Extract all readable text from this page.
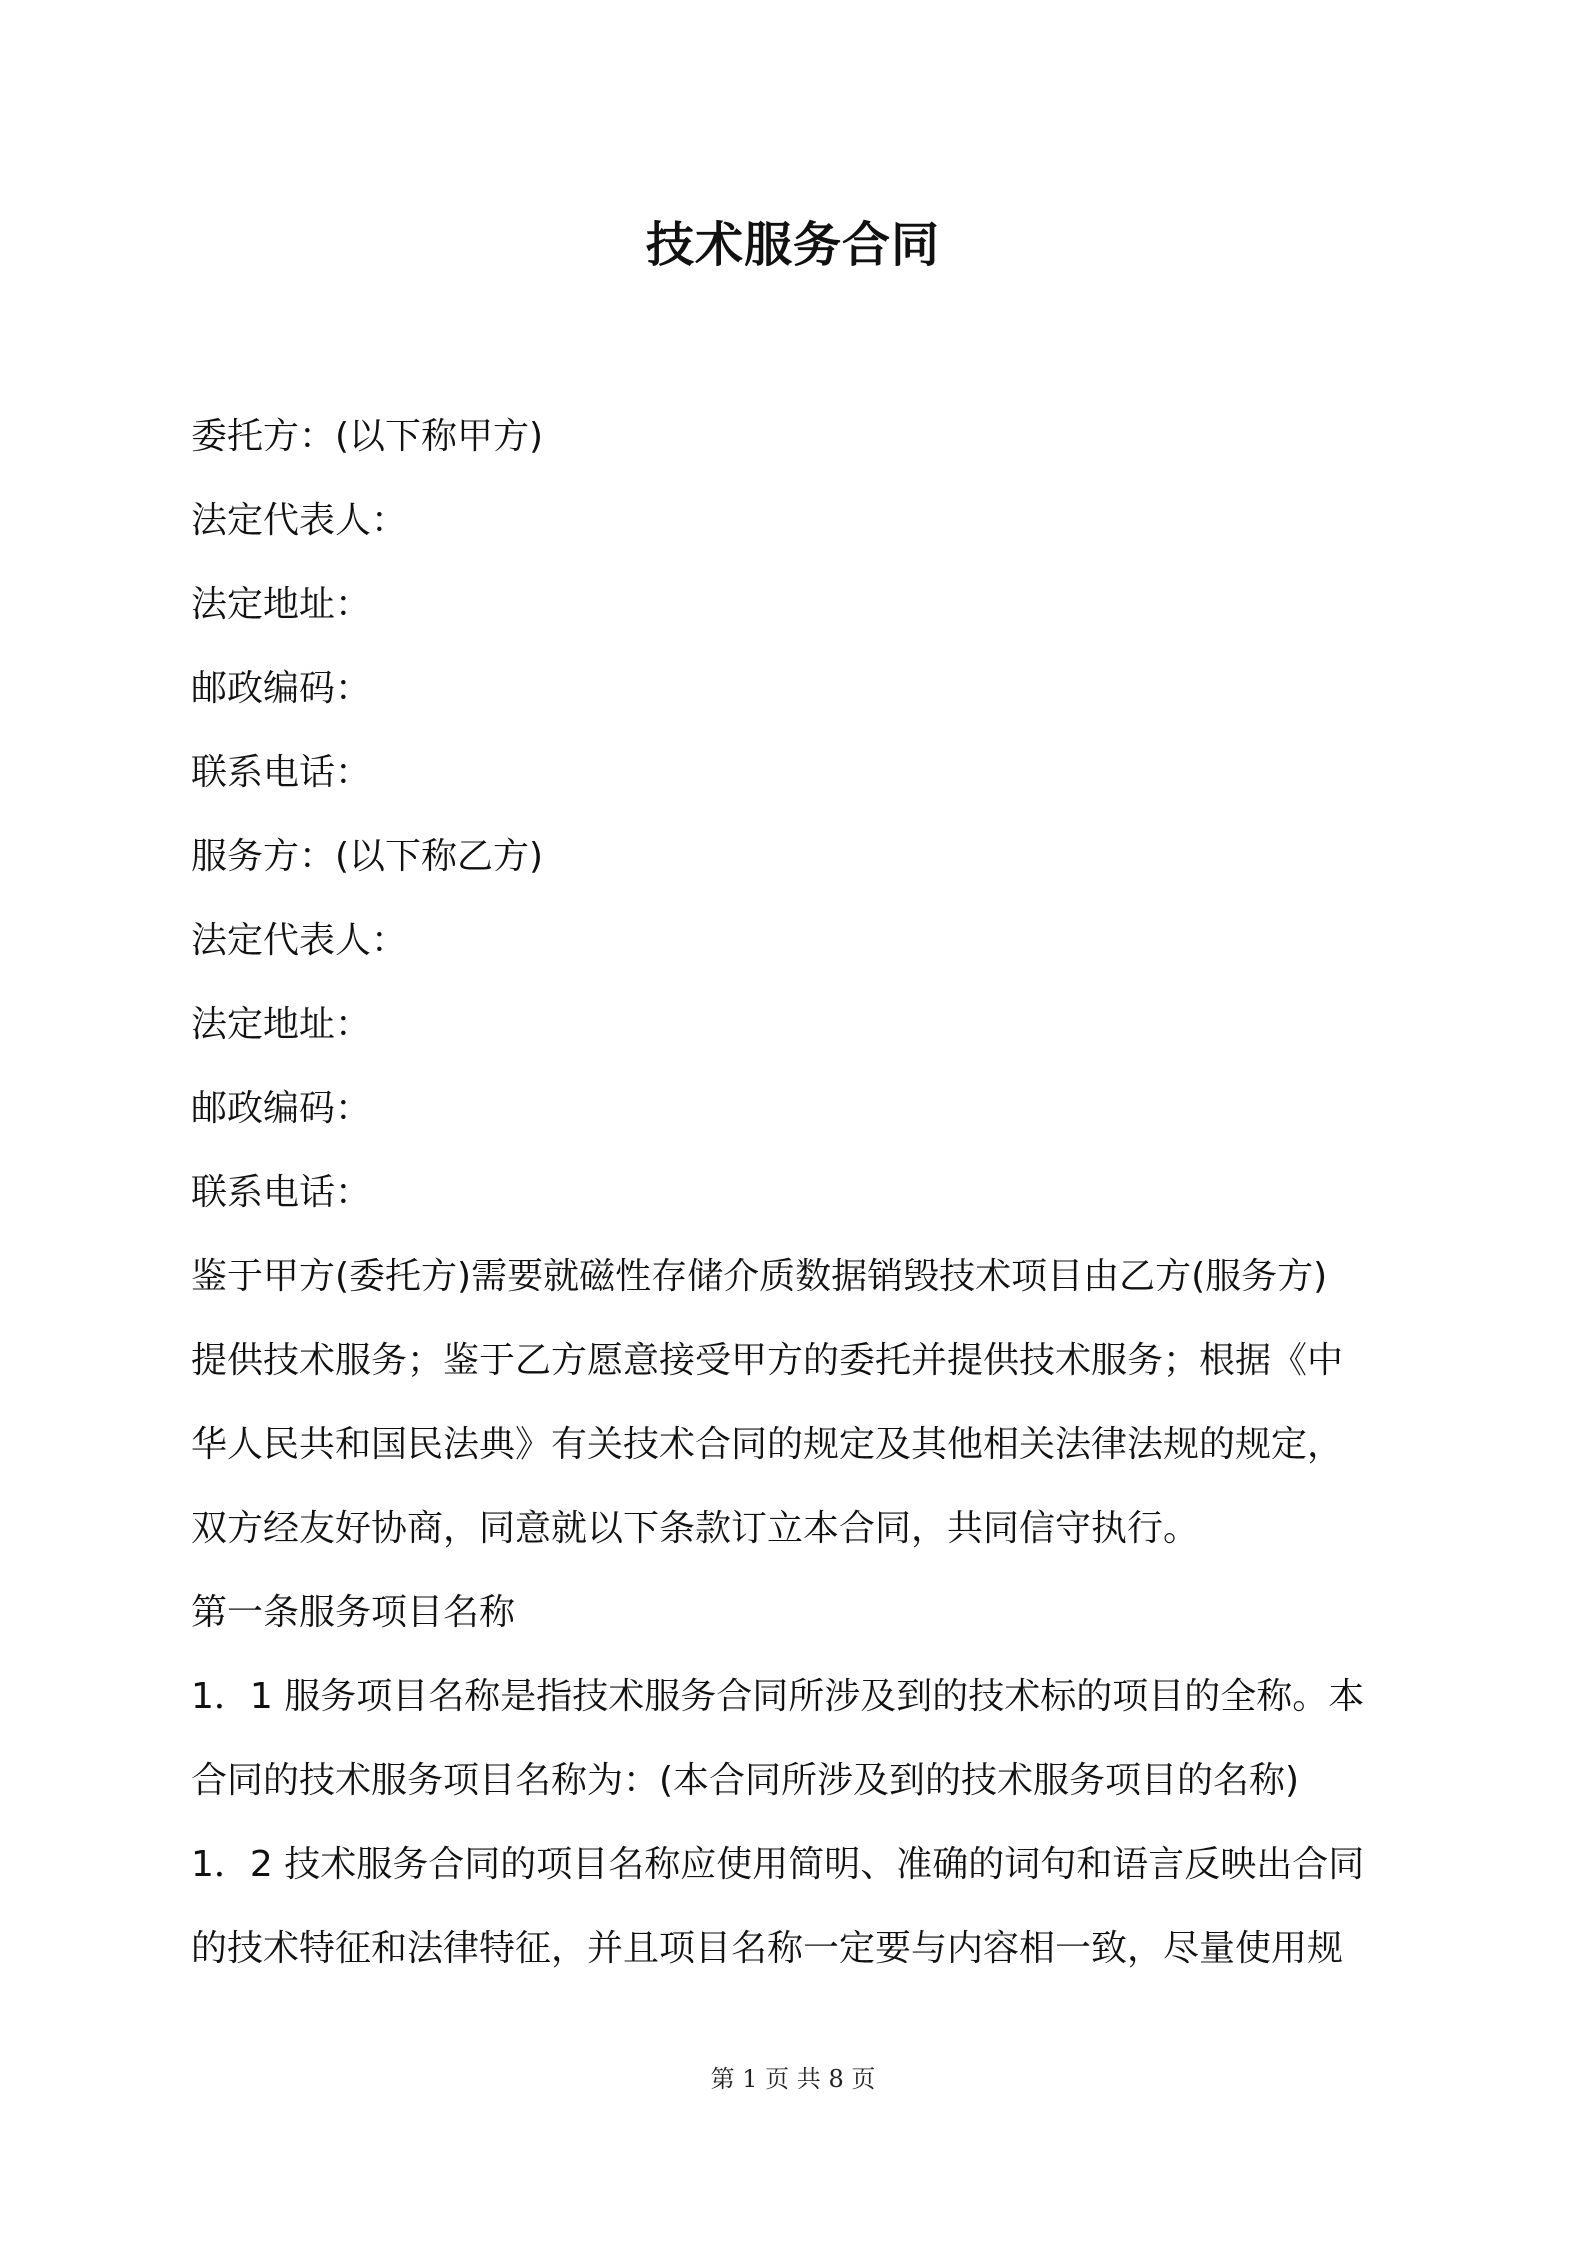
技术服务合同
委托方：(以下称甲方)
法定代表人：
法定地址：
邮政编码：
联系电话：
服务方：(以下称乙方)
法定代表人：
法定地址：
邮政编码：
联系电话：
鉴于甲方(委托方)需要就磁性存储介质数据销毁技术项目由乙方(服务方)
提供技术服务；鉴于乙方愿意接受甲方的委托并提供技术服务；根据《中
华人民共和国民法典》有关技术合同的规定及其他相关法律法规的规定，
双方经友好协商，同意就以下条款订立本合同，共同信守执行。
第一条服务项目名称
1．1 服务项目名称是指技术服务合同所涉及到的技术标的项目的全称。本
合同的技术服务项目名称为：(本合同所涉及到的技术服务项目的名称)
1．2 技术服务合同的项目名称应使用简明、准确的词句和语言反映出合同
的技术特征和法律特征，并且项目名称一定要与内容相一致，尽量使用规
第 1 页 共 8 页
